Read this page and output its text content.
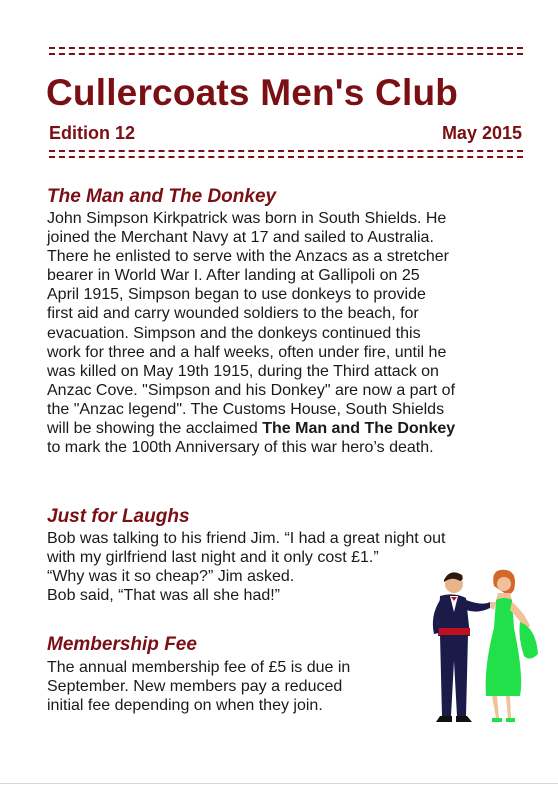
Cullercoats Men's Club
Edition 12	May 2015
The Man and The Donkey
John Simpson Kirkpatrick was born in South Shields. He
joined the Merchant Navy at 17 and sailed to Australia.
There he enlisted to serve with the Anzacs as a stretcher
bearer in World War I. After landing at Gallipoli on 25
April 1915, Simpson began to use donkeys to provide
first aid and carry wounded soldiers to the beach, for
evacuation. Simpson and the donkeys continued this
work for three and a half weeks, often under fire, until he
was killed on May 19th 1915, during the Third attack on
Anzac Cove. "Simpson and his Donkey" are now a part of
the "Anzac legend". The Customs House, South Shields
will be showing the acclaimed The Man and The Donkey
to mark the 100th Anniversary of this war hero’s death.
Just for Laughs
Bob was talking to his friend Jim. “I had a great night out
with my girlfriend last night and it only cost £1.”
“Why was it so cheap?” Jim asked.
Bob said, “That was all she had!”
Membership Fee
The annual membership fee of £5 is due in
September. New members pay a reduced
initial fee depending on when they join.
